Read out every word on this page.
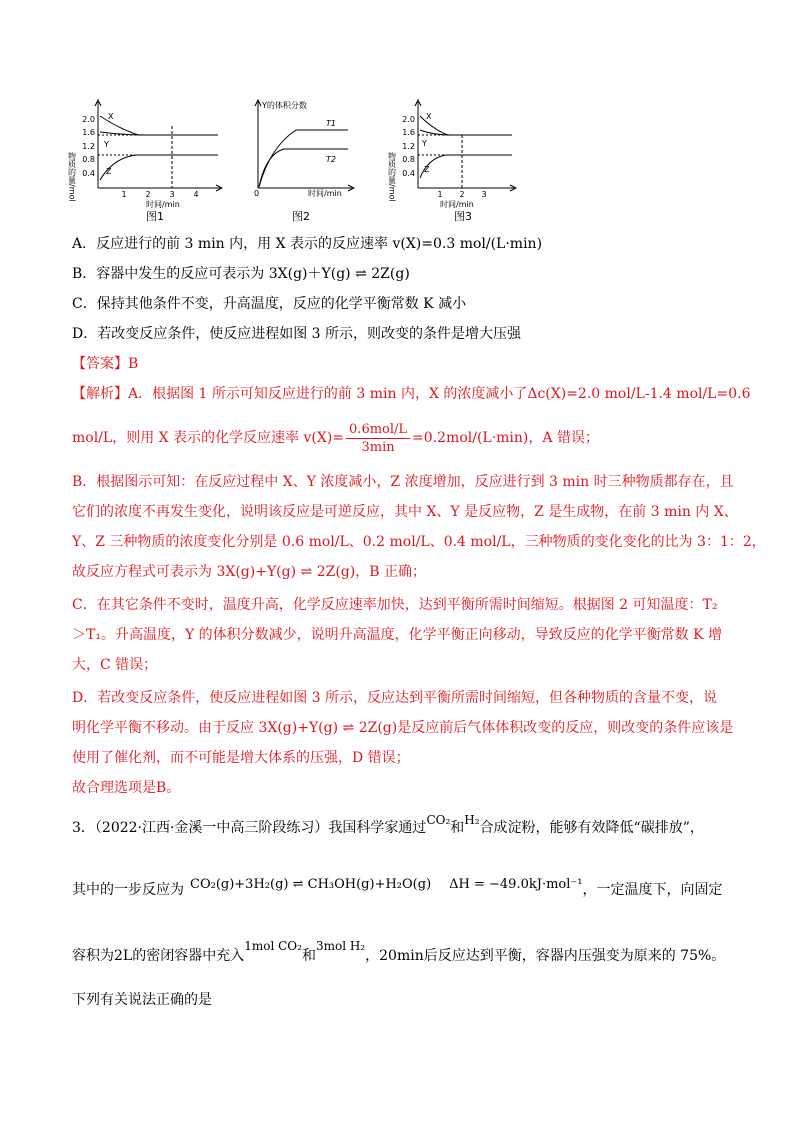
物质的量/mol
2.0
1.6
1.2
0.8
0.4
1 2 3 4
时间/min
X
Y
Z
图1
Y的体积分数
0
T1
T2
时间/min
图2
物质的量/mol
2.0
1.6
1.2
0.8
0.4
1 2 3
时间/min
X
Y
Z
图3
A．反应进行的前 3 min 内，用 X 表示的反应速率 v(X)=0.3 mol/(L·min)
B．容器中发生的反应可表示为 3X(g)＋Y(g) ⇌ 2Z(g)
C．保持其他条件不变，升高温度，反应的化学平衡常数 K 减小
D．若改变反应条件，使反应进程如图 3 所示，则改变的条件是增大压强
【答案】B
【解析】A．根据图 1 所示可知反应进行的前 3 min 内，X 的浓度减小了Δc(X)=2.0 mol/L-1.4 mol/L=0.6
mol/L，则用 X 表示的化学反应速率 $v(X)= \frac{\text{0.6mol/L}}{3\min} =0.2mol/(L\cdot\min)$，A 错误；
B．根据图示可知：在反应过程中 X、Y 浓度减小，Z 浓度增加，反应进行到 3 min 时三种物质都存在，且
它们的浓度不再发生变化，说明该反应是可逆反应，其中 X、Y 是反应物，Z 是生成物，在前 3 min 内 X、
Y、Z 三种物质的浓度变化分别是 0.6 mol/L、0.2 mol/L、0.4 mol/L，三种物质的变化变化的比为 3：1：2，
故反应方程式可表示为 3X(g)+Y(g) ⇌ 2Z(g)，B 正确；
C．在其它条件不变时，温度升高，化学反应速率加快，达到平衡所需时间缩短。根据图 2 可知温度：T₂
＞T₁。升高温度，Y 的体积分数减少，说明升高温度，化学平衡正向移动，导致反应的化学平衡常数 K 增
大，C 错误；
D．若改变反应条件，使反应进程如图 3 所示，反应达到平衡所需时间缩短，但各种物质的含量不变，说
明化学平衡不移动。由于反应 3X(g)+Y(g) ⇌ 2Z(g)是反应前后气体体积改变的反应，则改变的条件应该是
使用了催化剂，而不可能是增大体系的压强，D 错误；
故合理选项是B。
3．（2022·江西·金溪一中高三阶段练习）我国科学家通过CO₂和H₂合成淀粉，能够有效降低“碳排放”，
其中的一步反应为 CO₂(g)+3H₂(g) ⇌ CH₃OH(g)+H₂O(g) ΔH = −49.0kJ·mol⁻¹，一定温度下，向固定
容积为2L的密闭容器中充入1mol CO₂和3mol H₂，20min后反应达到平衡，容器内压强变为原来的 75%。
下列有关说法正确的是
